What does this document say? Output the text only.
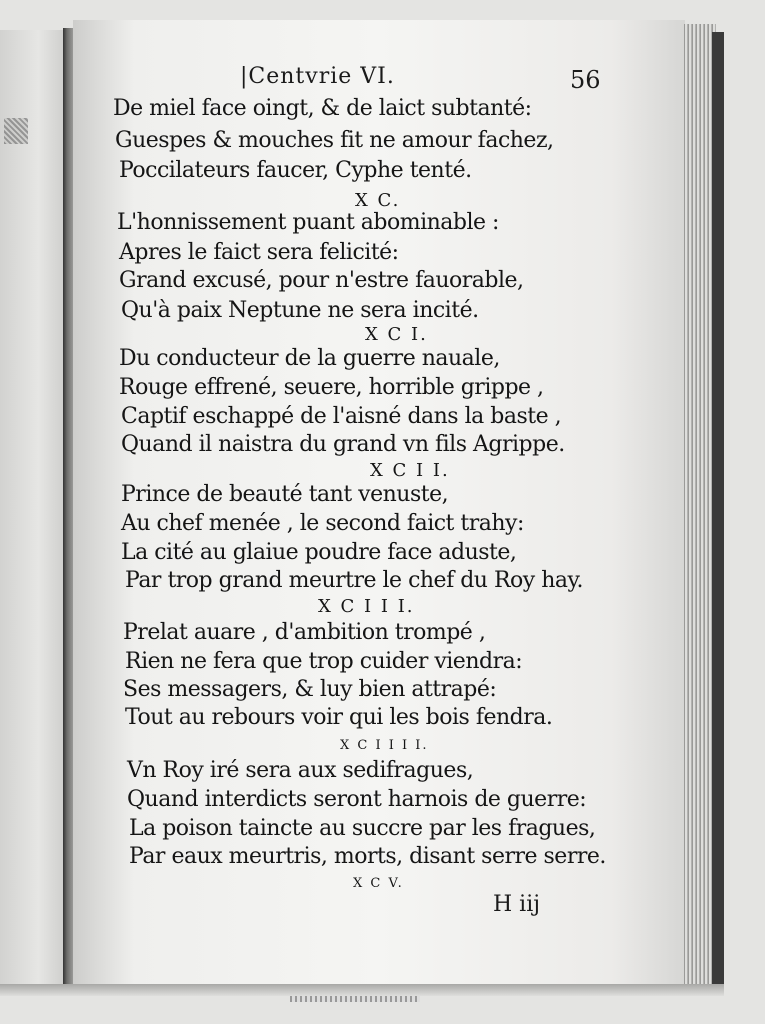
|Centvrie VI.	56
De miel face oingt, & de laict subtanté:
Guespes & mouches fit ne amour fachez,
Poccilateurs faucer, Cyphe tenté.
X C.
L'honnissement puant abominable :
Apres le faict sera felicité:
Grand excusé, pour n'estre fauorable,
Qu'à paix Neptune ne sera incité.
X C I.
Du conducteur de la guerre nauale,
Rouge effrené, seuere, horrible grippe ,
Captif eschappé de l'aisné dans la baste ,
Quand il naistra du grand vn fils Agrippe.
X C I I.
Prince de beauté tant venuste,
Au chef menée , le second faict trahy:
La cité au glaiue poudre face aduste,
Par trop grand meurtre le chef du Roy hay.
X C I I I.
Prelat auare , d'ambition trompé ,
Rien ne fera que trop cuider viendra:
Ses messagers, & luy bien attrapé:
Tout au rebours voir qui les bois fendra.
X C I I I I.
Vn Roy iré sera aux sedifragues,
Quand interdicts seront harnois de guerre:
La poison taincte au succre par les fragues,
Par eaux meurtris, morts, disant serre serre.
X C V.
H iij
